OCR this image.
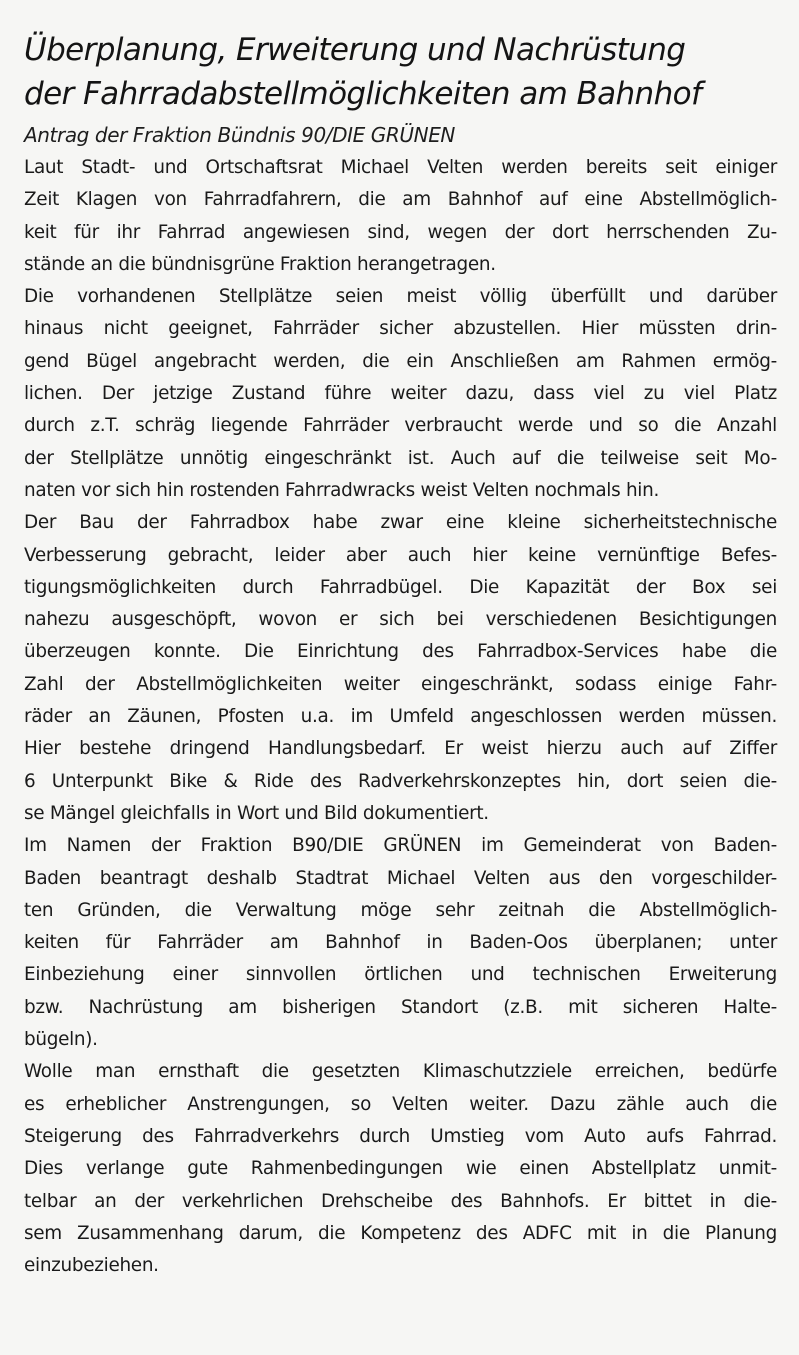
Überplanung, Erweiterung und Nachrüstung
der Fahrradabstellmöglichkeiten am Bahnhof
Antrag der Fraktion Bündnis 90/DIE GRÜNEN

Laut Stadt- und Ortschaftsrat Michael Velten werden bereits seit einiger
Zeit Klagen von Fahrradfahrern, die am Bahnhof auf eine Abstellmöglich-
keit für ihr Fahrrad angewiesen sind, wegen der dort herrschenden Zu-
stände an die bündnisgrüne Fraktion herangetragen.

Die vorhandenen Stellplätze seien meist völlig überfüllt und darüber
hinaus nicht geeignet, Fahrräder sicher abzustellen. Hier müssten drin-
gend Bügel angebracht werden, die ein Anschließen am Rahmen ermög-
lichen. Der jetzige Zustand führe weiter dazu, dass viel zu viel Platz
durch z.T. schräg liegende Fahrräder verbraucht werde und so die Anzahl
der Stellplätze unnötig eingeschränkt ist. Auch auf die teilweise seit Mo-
naten vor sich hin rostenden Fahrradwracks weist Velten nochmals hin.

Der Bau der Fahrradbox habe zwar eine kleine sicherheitstechnische
Verbesserung gebracht, leider aber auch hier keine vernünftige Befes-
tigungsmöglichkeiten durch Fahrradbügel. Die Kapazität der Box sei
nahezu ausgeschöpft, wovon er sich bei verschiedenen Besichtigungen
überzeugen konnte. Die Einrichtung des Fahrradbox-Services habe die
Zahl der Abstellmöglichkeiten weiter eingeschränkt, sodass einige Fahr-
räder an Zäunen, Pfosten u.a. im Umfeld angeschlossen werden müssen.
Hier bestehe dringend Handlungsbedarf. Er weist hierzu auch auf Ziffer
6 Unterpunkt Bike & Ride des Radverkehrskonzeptes hin, dort seien die-
se Mängel gleichfalls in Wort und Bild dokumentiert.

Im Namen der Fraktion B90/DIE GRÜNEN im Gemeinderat von Baden-
Baden beantragt deshalb Stadtrat Michael Velten aus den vorgeschilder-
ten Gründen, die Verwaltung möge sehr zeitnah die Abstellmöglich-
keiten für Fahrräder am Bahnhof in Baden-Oos überplanen; unter
Einbeziehung einer sinnvollen örtlichen und technischen Erweiterung
bzw. Nachrüstung am bisherigen Standort (z.B. mit sicheren Halte-
bügeln).

Wolle man ernsthaft die gesetzten Klimaschutzziele erreichen, bedürfe
es erheblicher Anstrengungen, so Velten weiter. Dazu zähle auch die
Steigerung des Fahrradverkehrs durch Umstieg vom Auto aufs Fahrrad.
Dies verlange gute Rahmenbedingungen wie einen Abstellplatz unmit-
telbar an der verkehrlichen Drehscheibe des Bahnhofs. Er bittet in die-
sem Zusammenhang darum, die Kompetenz des ADFC mit in die Planung
einzubeziehen.
